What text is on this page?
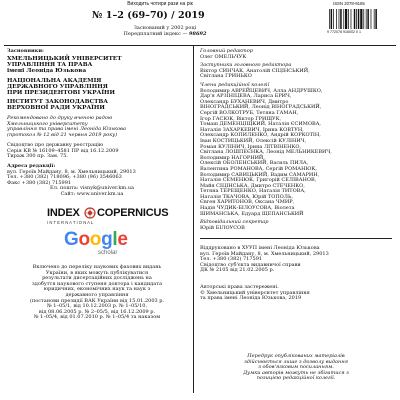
Виходить чотири рази на рік	ISSN 2078-9165
9 772078 916002 0 1
№ 1–2 (69–70) / 2019
Заснований у 2002 році
Передплатний індекс — 98692
Засновники:
ХМЕЛЬНИЦЬКИЙ УНІВЕРСИТЕТ
УПРАВЛІННЯ ТА ПРАВА
імені Леоніда Юзькова
НАЦІОНАЛЬНА АКАДЕМІЯ
ДЕРЖАВНОГО УПРАВЛІННЯ
ПРИ ПРЕЗИДЕНТОВІ УКРАЇНИ
ІНСТИТУТ ЗАКОНОДАВСТВА
ВЕРХОВНОЇ РАДИ УКРАЇНИ
Рекомендовано до друку вченою радою
Хмельницького університету
управління та права імені Леоніда Юзькова
(протокол № 12 від 21 червня 2019 року)
Свідоцтво про державну реєстрацію
Серія КВ № 16109–4581 ПР від 16.12.2009
Тираж 300 пр. Зам. 75.
Адреса редакції:
вул. Героїв Майдану, 8, м. Хмельницький, 29013
Тел. +380 (382) 718096; +380 (96) 3546063
Факс +380 (382) 715991
Ел. пошта: visnyk@univer.km.ua
Сайт: www.univer.km.ua
INDEX COPERNICUS
I N T E R N A T I O N A L
Google
scholar
Включено до переліку наукових фахових видань
України, в яких можуть публікуватися
результати дисертаційних досліджень на
здобуття наукового ступеня доктора і кандидата
юридичних, економічних наук та наук з
державного управління
(постанови президії ВАК України від 15.01.2003 р.
№ 1–05/1, від 10.12.2003 р. № 1–05/10,
від 08.06.2005 р. № 2–05/5, від 16.12.2009 р.
№ 1–05/4, від 01.07.2010 р. № 1–05/4 та наказом
Головний редактор
Олег ОМЕЛЬЧУК
Заступники головного редактора
Віктор СИНЧАК, Анатолій СІЦІНСЬКИЙ,
Світлана ГРИНЬКО
Члени редакційної колегії
Володимир АВРЕЙЦЕВИЧ, Алла АНДРУШКО,
Дар'я АРЗІНІЦЕВА, Лариса БРИЧ,
Олександр БУХАНЕВИЧ, Дмитро
ВІНОГРАДСЬКИЙ, Леонід ВІНОГРАДСЬКИЙ,
Сергій ВОЛКОТРУБ, Тетяна ГАМАН,
Ігор ГАСЮК, Віктор ГРИЩУК,
Томаш ДЕМЕНЦІЩКИЙ, Наталія ЄСИМОВА,
Наталія ЗАХАРКЕВИЧ, Ірина КОВТУН,
Олександр КОПИЛЕНКО, Андрій КОРКОТІН,
Іван КОСТИЦЬКИЙ, Олексій КУЛІНИЧ,
Роман КУЛІНИЧ, Ірина ЛІТВІНЕНКО,
Світлана ЛОШПЕЄНКА, Леонід МЕЛЬНИКЕВИЧ,
Володимир НАГОРНИЙ,
Олексій ОБОЛЕНСЬКИЙ, Василь ПИЛА,
Валентина РОМАНОВА, Сергій РОМАНЮК,
Володимир САВИЦЬКИЙ, Вадим САМАРИН,
Наталія СЕМЕНЮК, Григорій СЕЛІВАНОВ,
Майя СІЦІНСЬКА, Дмитро СТЕЧЕНКО,
Тетяна ТЕРЕЩЕНКО, Наталія ТИТОВА,
Наталія ТКАЧОВА, Юрій ТОПОЛЬ,
Євген ХАРИТОНОВ, Оксана ЧМИР,
Надія ЧУДИК-БІЛОУСОВА, Віолета
ШИМАНСЬКА, Едуард ЩЕПАНСЬКИЙ
Відповідальний секретар
Юрій БІЛОУСОВ
Віддруковано в ХУУП імені Леоніда Юзькова
вул. Героїв Майдану, 8, м. Хмельницький, 29013
Тел. +380 (382) 717591
Свідоцтво суб'єкта видавничої справи
ДК № 2105 від 21.02.2005 р.
Авторські права застережені.
© Хмельницький університет управління
та права імені Леоніда Юзькова, 2019
Передрук опублікованих матеріалів
здійснюється лише з дозволу видання
з обов'язковим посиланням.
Думки авторів можуть не збігатися з
позицією редакційної колегії.
